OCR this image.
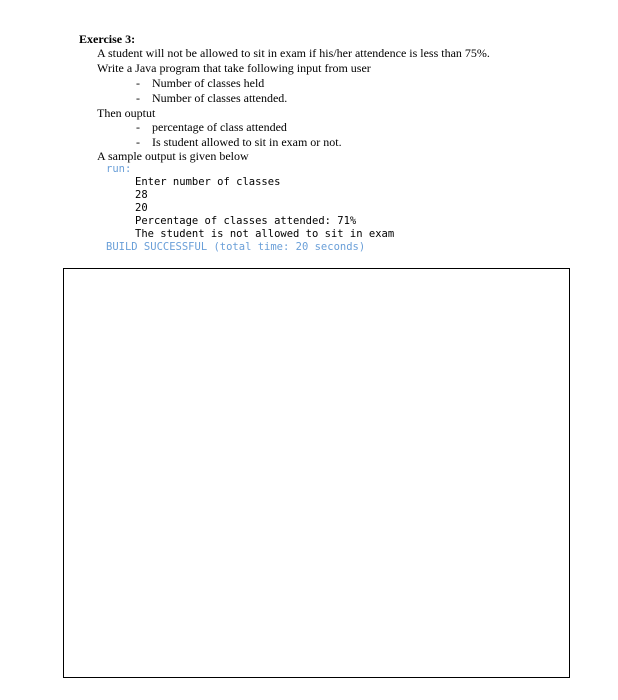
Exercise 3:
A student will not be allowed to sit in exam if his/her attendence is less than 75%.
Write a Java program that take following input from user
- Number of classes held
- Number of classes attended.
Then ouptut
- percentage of class attended
- Is student allowed to sit in exam or not.
A sample output is given below
run:
Enter number of classes
28
20
Percentage of classes attended: 71%
The student is not allowed to sit in exam
BUILD SUCCESSFUL (total time: 20 seconds)
